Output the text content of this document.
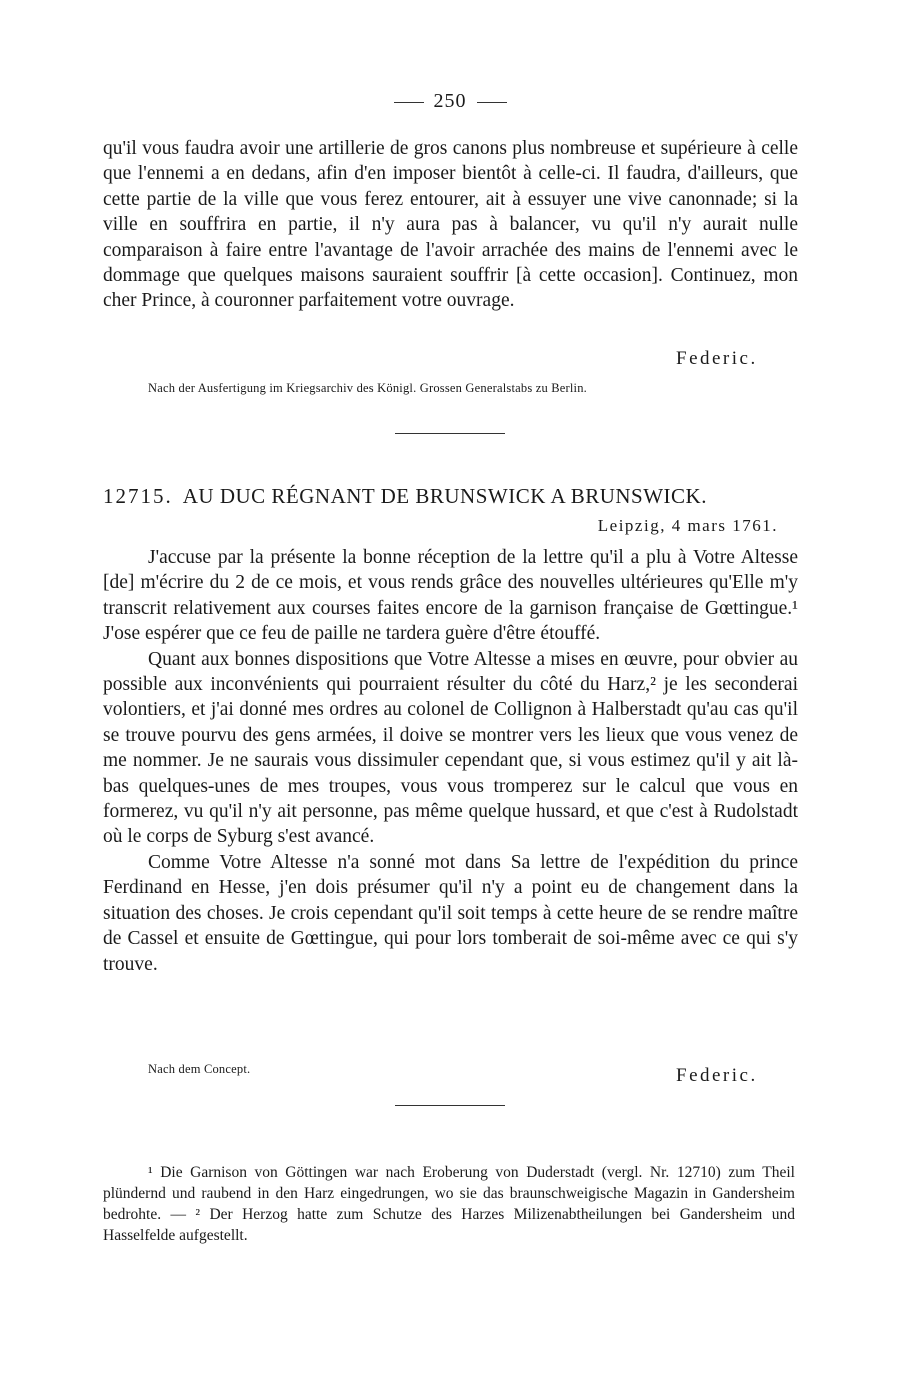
250

qu'il vous faudra avoir une artillerie de gros canons plus nombreuse et supérieure à celle que l'ennemi a en dedans, afin d'en imposer bientôt à celle-ci. Il faudra, d'ailleurs, que cette partie de la ville que vous ferez entourer, ait à essuyer une vive canonnade; si la ville en souffrira en partie, il n'y aura pas à balancer, vu qu'il n'y aurait nulle comparaison à faire entre l'avantage de l'avoir arrachée des mains de l'ennemi avec le dommage que quelques maisons sauraient souffrir [à cette occasion]. Continuez, mon cher Prince, à couronner parfaitement votre ouvrage.

Federic.
Nach der Ausfertigung im Kriegsarchiv des Königl. Grossen Generalstabs zu Berlin.
12715. AU DUC RÉGNANT DE BRUNSWICK A BRUNSWICK.
Leipzig, 4 mars 1761.

J'accuse par la présente la bonne réception de la lettre qu'il a plu à Votre Altesse [de] m'écrire du 2 de ce mois, et vous rends grâce des nouvelles ultérieures qu'Elle m'y transcrit relativement aux courses faites encore de la garnison française de Gœttingue.¹ J'ose espérer que ce feu de paille ne tardera guère d'être étouffé.

Quant aux bonnes dispositions que Votre Altesse a mises en œuvre, pour obvier au possible aux inconvénients qui pourraient résulter du côté du Harz,² je les seconderai volontiers, et j'ai donné mes ordres au colonel de Collignon à Halberstadt qu'au cas qu'il se trouve pourvu des gens armées, il doive se montrer vers les lieux que vous venez de me nommer. Je ne saurais vous dissimuler cependant que, si vous estimez qu'il y ait là-bas quelques-unes de mes troupes, vous vous tromperez sur le calcul que vous en formerez, vu qu'il n'y ait personne, pas même quelque hussard, et que c'est à Rudolstadt où le corps de Syburg s'est avancé.

Comme Votre Altesse n'a sonné mot dans Sa lettre de l'expédition du prince Ferdinand en Hesse, j'en dois présumer qu'il n'y a point eu de changement dans la situation des choses. Je crois cependant qu'il soit temps à cette heure de se rendre maître de Cassel et ensuite de Gœttingue, qui pour lors tomberait de soi-même avec ce qui s'y trouve.

Nach dem Concept.	Federic.

¹ Die Garnison von Göttingen war nach Eroberung von Duderstadt (vergl. Nr. 12710) zum Theil plündernd und raubend in den Harz eingedrungen, wo sie das braunschweigische Magazin in Gandersheim bedrohte. — ² Der Herzog hatte zum Schutze des Harzes Milizenabtheilungen bei Gandersheim und Hasselfelde aufgestellt.
